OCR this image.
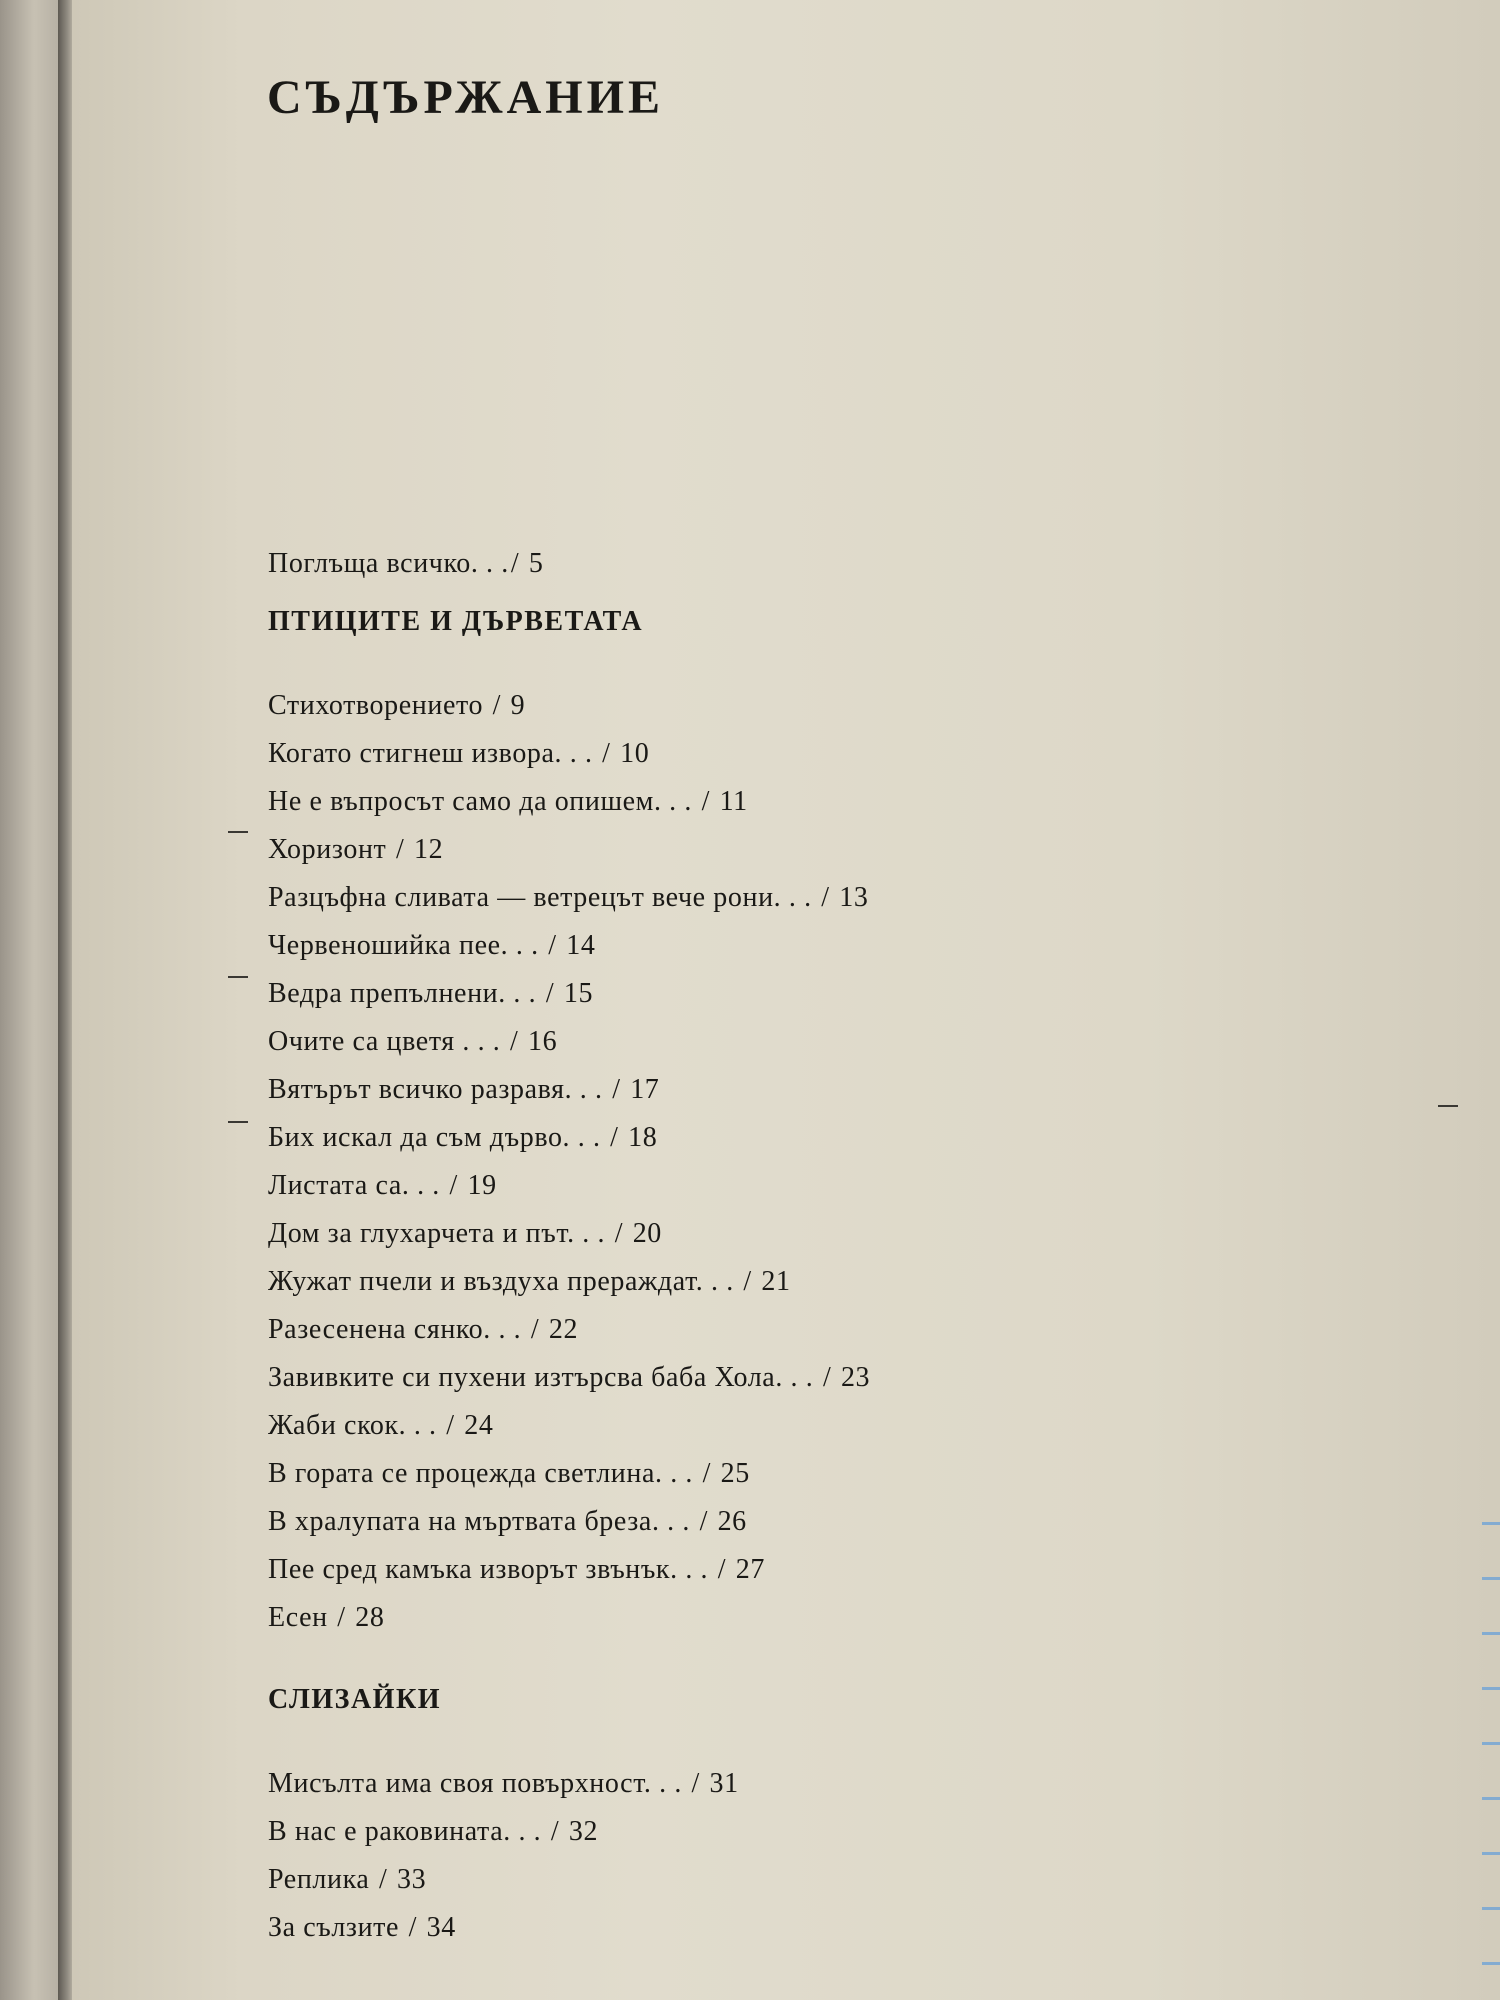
СЪДЪРЖАНИЕ
Поглъща всичко. . ./ 5
ПТИЦИТЕ И ДЪРВЕТАТА
Стихотворението / 9
Когато стигнеш извора. . . / 10
Не е въпросът само да опишем. . . / 11
Хоризонт / 12
Разцъфна сливата — ветрецът вече рони. . . / 13
Червеношийка пее. . . / 14
Ведра препълнени. . . / 15
Очите са цветя . . . / 16
Вятърът всичко разравя. . . / 17
Бих искал да съм дърво. . . / 18
Листата са. . . / 19
Дом за глухарчета и път. . . / 20
Жужат пчели и въздуха прераждат. . . / 21
Разесенена сянко. . . / 22
Завивките си пухени изтърсва баба Хола. . . / 23
Жаби скок. . . / 24
В гората се процежда светлина. . . / 25
В хралупата на мъртвата бреза. . . / 26
Пее сред камъка изворът звънък. . . / 27
Есен / 28
СЛИЗАЙКИ
Мисълта има своя повърхност. . . / 31
В нас е раковината. . . / 32
Реплика / 33
За сълзите / 34
